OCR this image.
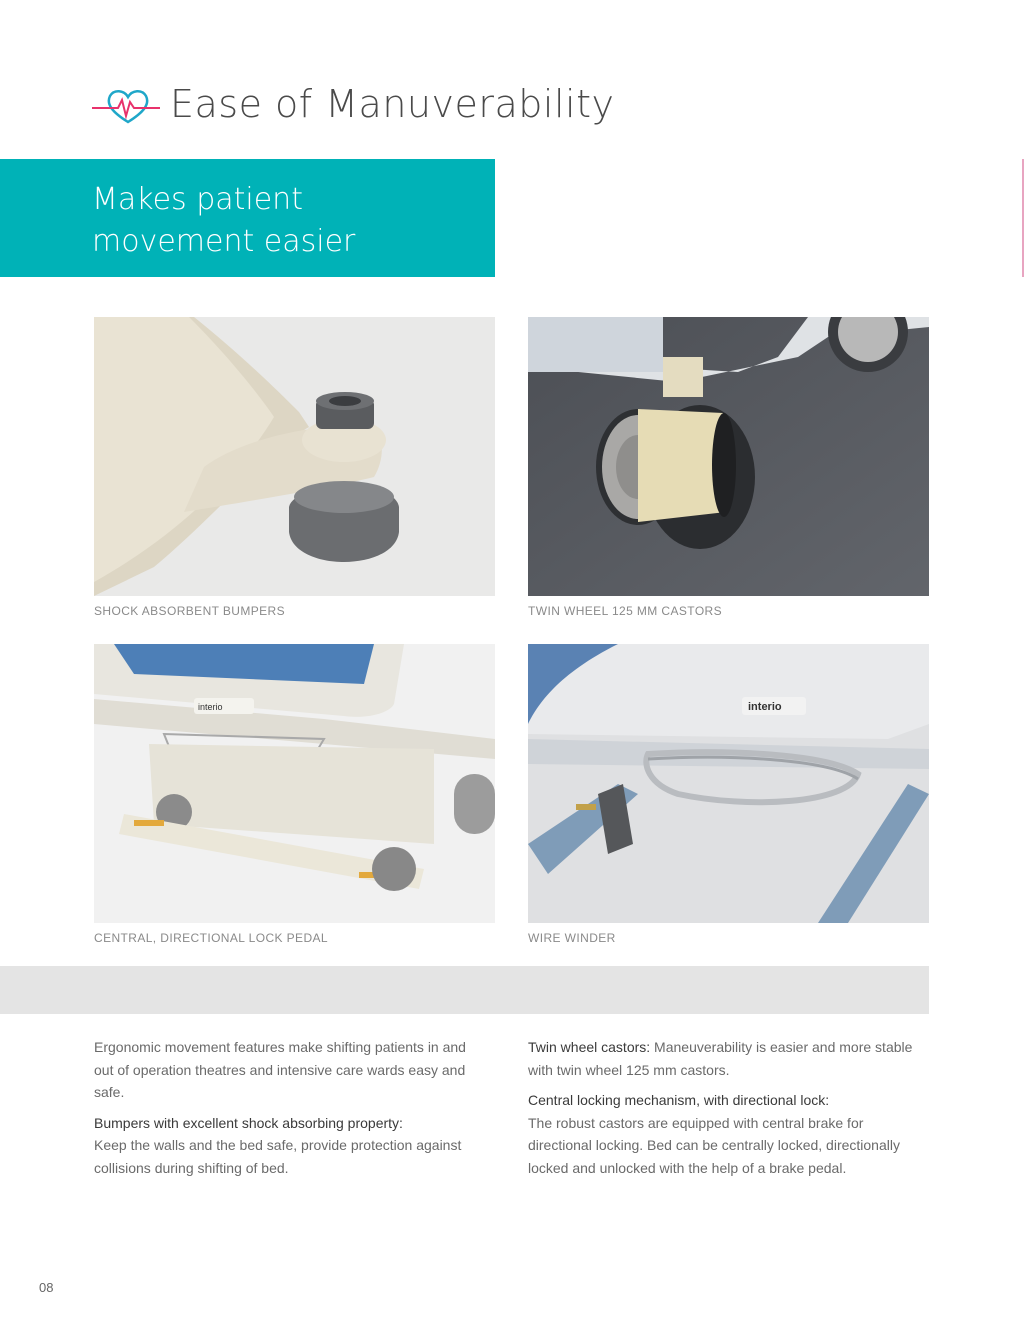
Ease of Manuverability
Makes patient
movement easier
SHOCK ABSORBENT BUMPERS	TWIN WHEEL 125 MM CASTORS
interio
CENTRAL, DIRECTIONAL LOCK PEDAL
interio
WIRE WINDER

Ergonomic movement features make shifting patients in and out of operation theatres and intensive care wards easy and safe.

Bumpers with excellent shock absorbing property:
Keep the walls and the bed safe, provide protection against collisions during shifting of bed.

Twin wheel castors: Maneuverability is easier and more stable with twin wheel 125 mm castors.

Central locking mechanism, with directional lock:
The robust castors are equipped with central brake for directional locking. Bed can be centrally locked, directionally locked and unlocked with the help of a brake pedal.

08
